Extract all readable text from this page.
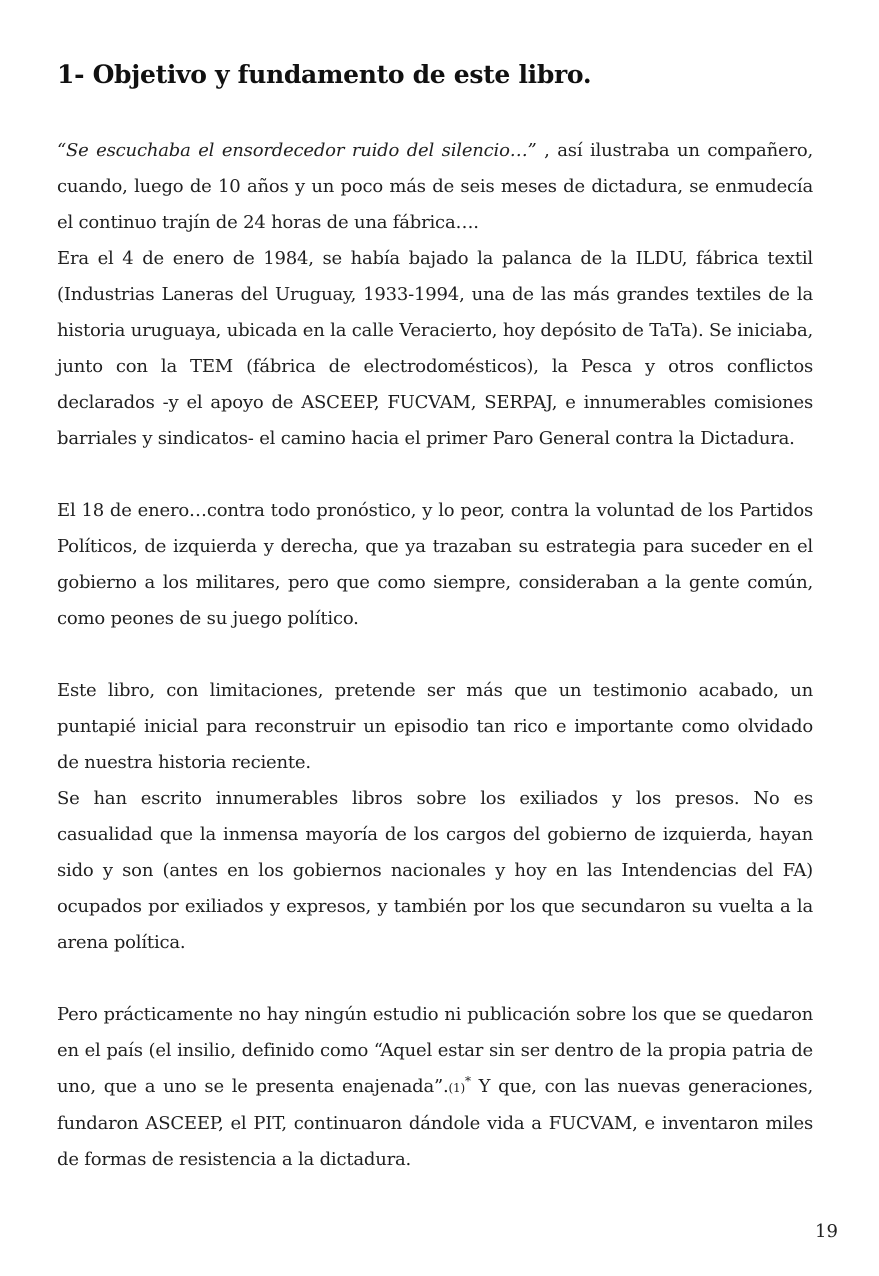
1- Objetivo y fundamento de este libro.

“Se escuchaba el ensordecedor ruido del silencio…” , así ilustraba un compañero, cuando, luego de 10 años y un poco más de seis meses de dictadura, se enmudecía el continuo trajín de 24 horas de una fábrica….

Era el 4 de enero de 1984, se había bajado la palanca de la ILDU, fábrica textil (Industrias Laneras del Uruguay, 1933-1994, una de las más grandes textiles de la historia uruguaya, ubicada en la calle Veracierto, hoy depósito de TaTa). Se iniciaba, junto con la TEM (fábrica de electrodomésticos), la Pesca y otros conflictos declarados -y el apoyo de ASCEEP, FUCVAM, SERPAJ, e innumerables comisiones barriales y sindicatos- el camino hacia el primer Paro General contra la Dictadura.

El 18 de enero…contra todo pronóstico, y lo peor, contra la voluntad de los Partidos Políticos, de izquierda y derecha, que ya trazaban su estrategia para suceder en el gobierno a los militares, pero que como siempre, consideraban a la gente común, como peones de su juego político.

Este libro, con limitaciones, pretende ser más que un testimonio acabado, un puntapié inicial para reconstruir un episodio tan rico e importante como olvidado de nuestra historia reciente.

Se han escrito innumerables libros sobre los exiliados y los presos. No es casualidad que la inmensa mayoría de los cargos del gobierno de izquierda, hayan sido y son (antes en los gobiernos nacionales y hoy en las Intendencias del FA) ocupados por exiliados y expresos, y también por los que secundaron su vuelta a la arena política.

Pero prácticamente no hay ningún estudio ni publicación sobre los que se quedaron en el país (el insilio, definido como “Aquel estar sin ser dentro de la propia patria de uno, que a uno se le presenta enajenada”.(1)* Y que, con las nuevas generaciones, fundaron ASCEEP, el PIT, continuaron dándole vida a FUCVAM, e inventaron miles de formas de resistencia a la dictadura.

19
